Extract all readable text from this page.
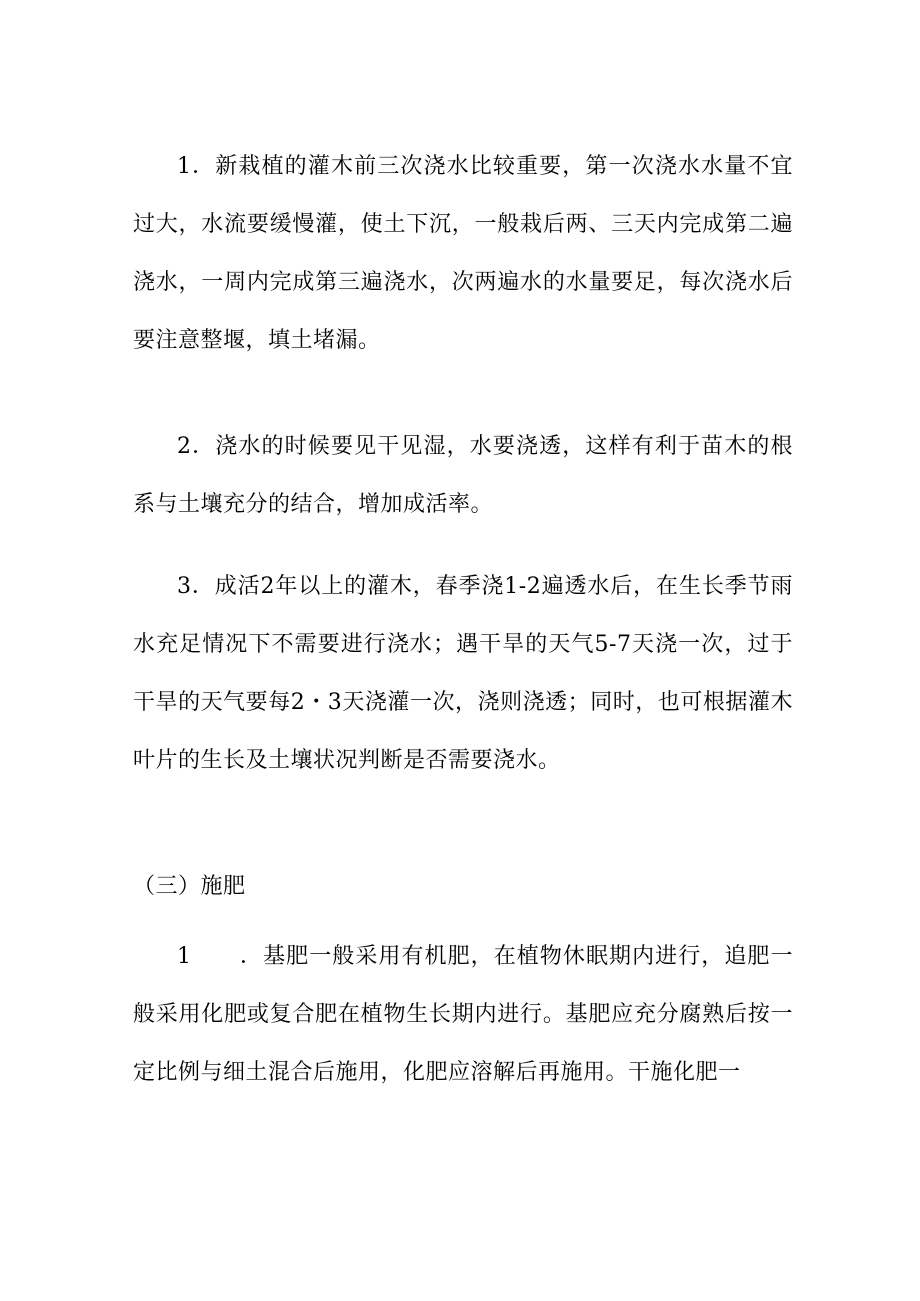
1．新栽植的灌木前三次浇水比较重要，第一次浇水水量不宜过大，水流要缓慢灌，使土下沉，一般栽后两、三天内完成第二遍浇水，一周内完成第三遍浇水，次两遍水的水量要足，每次浇水后要注意整堰，填土堵漏。

2．浇水的时候要见干见湿，水要浇透，这样有利于苗木的根系与土壤充分的结合，增加成活率。

3．成活2年以上的灌木，春季浇1-2遍透水后，在生长季节雨水充足情况下不需要进行浇水；遇干旱的天气5-7天浇一次，过于干旱的天气要每2・3天浇灌一次，浇则浇透；同时，也可根据灌木叶片的生长及土壤状况判断是否需要浇水。

（三）施肥

1 ．基肥一般采用有机肥，在植物休眠期内进行，追肥一般采用化肥或复合肥在植物生长期内进行。基肥应充分腐熟后按一定比例与细土混合后施用，化肥应溶解后再施用。干施化肥一
